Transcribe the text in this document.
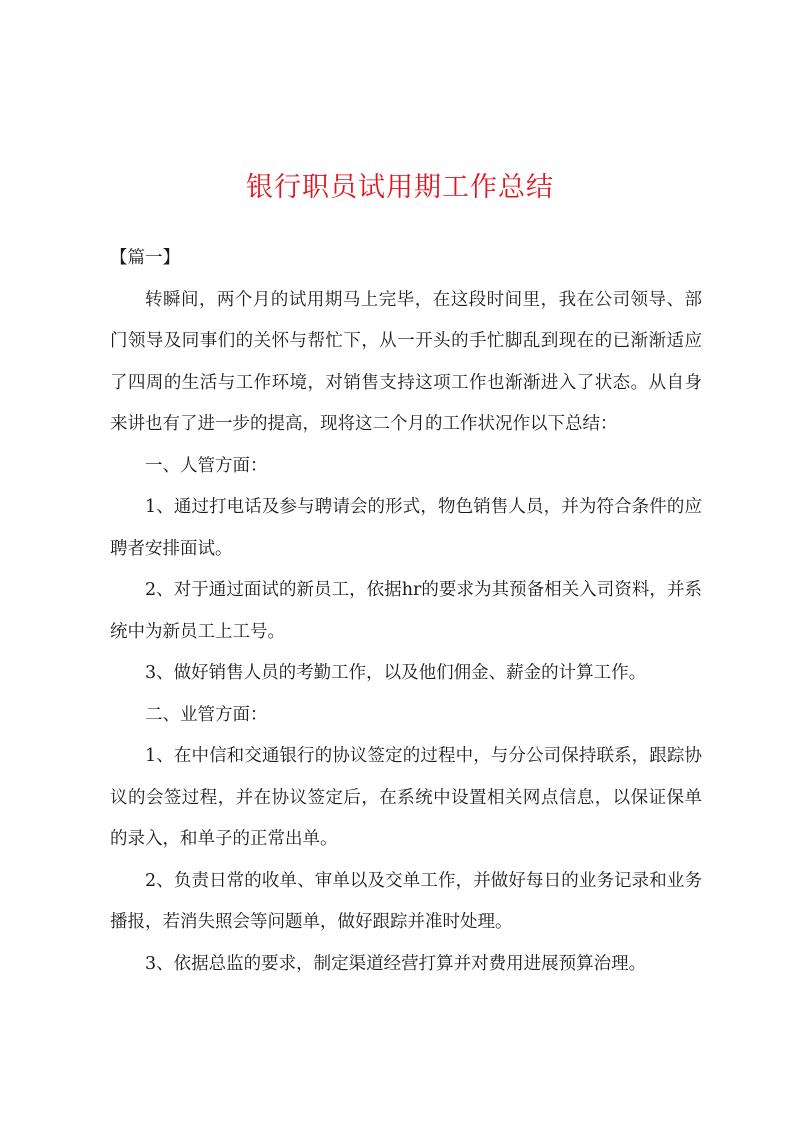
银行职员试用期工作总结

【篇一】

转瞬间，两个月的试用期马上完毕，在这段时间里，我在公司领导、部门领导及同事们的关怀与帮忙下，从一开头的手忙脚乱到现在的已渐渐适应了四周的生活与工作环境，对销售支持这项工作也渐渐进入了状态。从自身来讲也有了进一步的提高，现将这二个月的工作状况作以下总结：

一、人管方面：

1、通过打电话及参与聘请会的形式，物色销售人员，并为符合条件的应聘者安排面试。

2、对于通过面试的新员工，依据hr的要求为其预备相关入司资料，并系统中为新员工上工号。

3、做好销售人员的考勤工作，以及他们佣金、薪金的计算工作。

二、业管方面：

1、在中信和交通银行的协议签定的过程中，与分公司保持联系，跟踪协议的会签过程，并在协议签定后，在系统中设置相关网点信息，以保证保单的录入，和单子的正常出单。

2、负责日常的收单、审单以及交单工作，并做好每日的业务记录和业务播报，若消失照会等问题单，做好跟踪并准时处理。

3、依据总监的要求，制定渠道经营打算并对费用进展预算治理。
